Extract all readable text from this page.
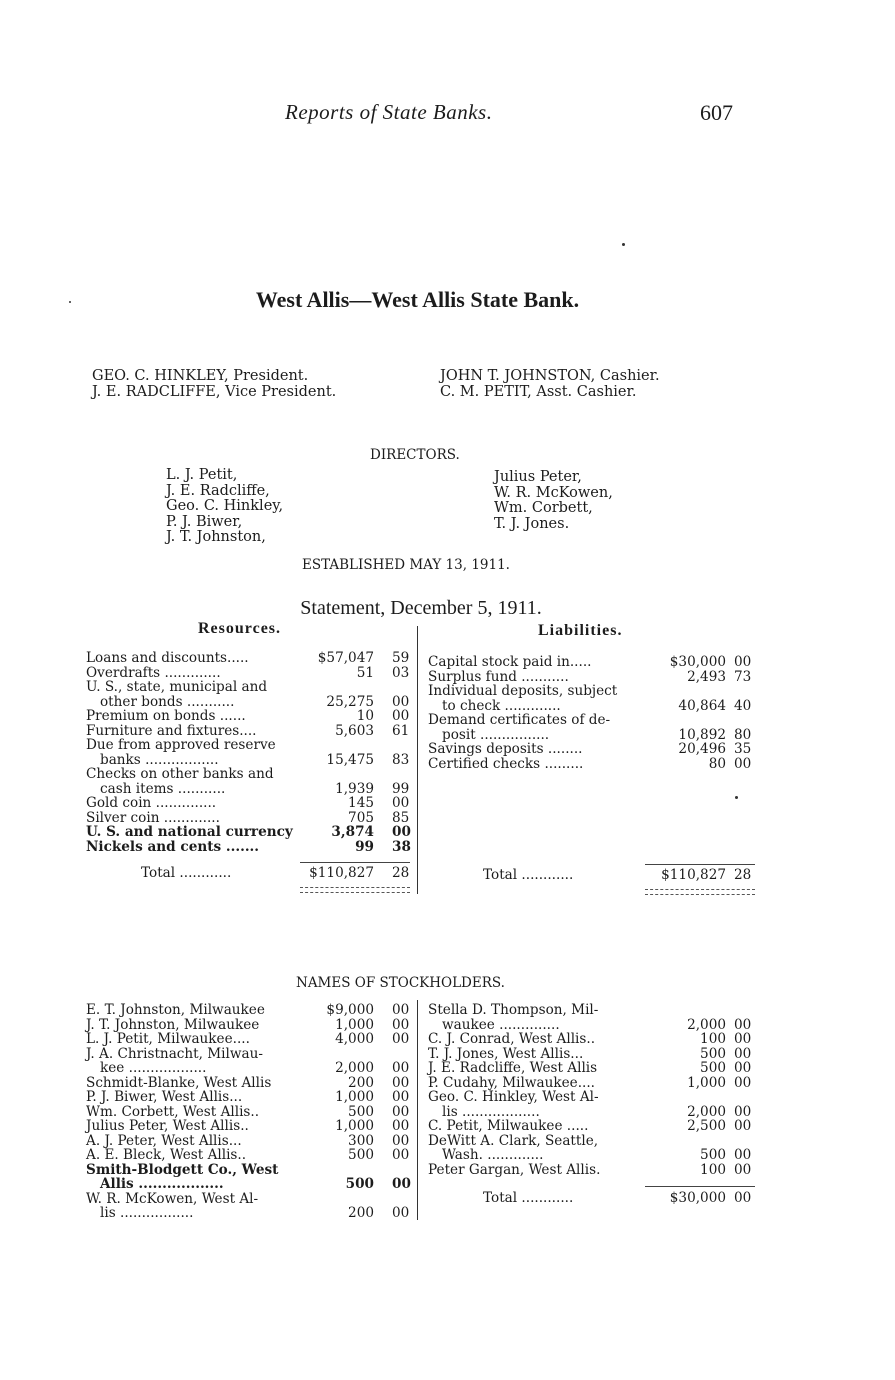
Reports of State Banks.	607
West Allis—West Allis State Bank.
GEO. C. HINKLEY, President.
J. E. RADCLIFFE, Vice President.
JOHN T. JOHNSTON, Cashier.
C. M. PETIT, Asst. Cashier.
DIRECTORS.
L. J. Petit,
J. E. Radcliffe,
Geo. C. Hinkley,
P. J. Biwer,
J. T. Johnston,
Julius Peter,
W. R. McKowen,
Wm. Corbett,
T. J. Jones.
ESTABLISHED MAY 13, 1911.
Statement, December 5, 1911.
Resources.	Liabilities.
Loans and discounts.....	$57,047 59
Overdrafts .............	51 03
U. S., state, municipal and
other bonds ...........	25,275 00
Premium on bonds ......	10 00
Furniture and fixtures....	5,603 61
Due from approved reserve
banks .................	15,475 83
Checks on other banks and
cash items ...........	1,939 99
Gold coin ..............	145 00
Silver coin .............	705 85
U. S. and national currency	3,874 00
Nickels and cents .......	99 38
Total ............	$110,827 28
Capital stock paid in.....	$30,000 00
Surplus fund ...........	2,493 73
Individual deposits, subject
to check .............	40,864 40
Demand certificates of de-
posit ................	10,892 80
Savings deposits ........	20,496 35
Certified checks .........	80 00
Total ............	$110,827 28
NAMES OF STOCKHOLDERS.
E. T. Johnston, Milwaukee	$9,000 00
J. T. Johnston, Milwaukee	1,000 00
L. J. Petit, Milwaukee....	4,000 00
J. A. Christnacht, Milwau-
kee ..................	2,000 00
Schmidt-Blanke, West Allis	200 00
P. J. Biwer, West Allis...	1,000 00
Wm. Corbett, West Allis..	500 00
Julius Peter, West Allis..	1,000 00
A. J. Peter, West Allis...	300 00
A. E. Bleck, West Allis..	500 00
Smith-Blodgett Co., West
Allis ..................	500 00
W. R. McKowen, West Al-
lis .................	200 00
Stella D. Thompson, Mil-
waukee ..............	2,000 00
C. J. Conrad, West Allis..	100 00
T. J. Jones, West Allis...	500 00
J. E. Radcliffe, West Allis	500 00
P. Cudahy, Milwaukee....	1,000 00
Geo. C. Hinkley, West Al-
lis ..................	2,000 00
C. Petit, Milwaukee .....	2,500 00
DeWitt A. Clark, Seattle,
Wash. .............	500 00
Peter Gargan, West Allis.	100 00
Total ............	$30,000 00
